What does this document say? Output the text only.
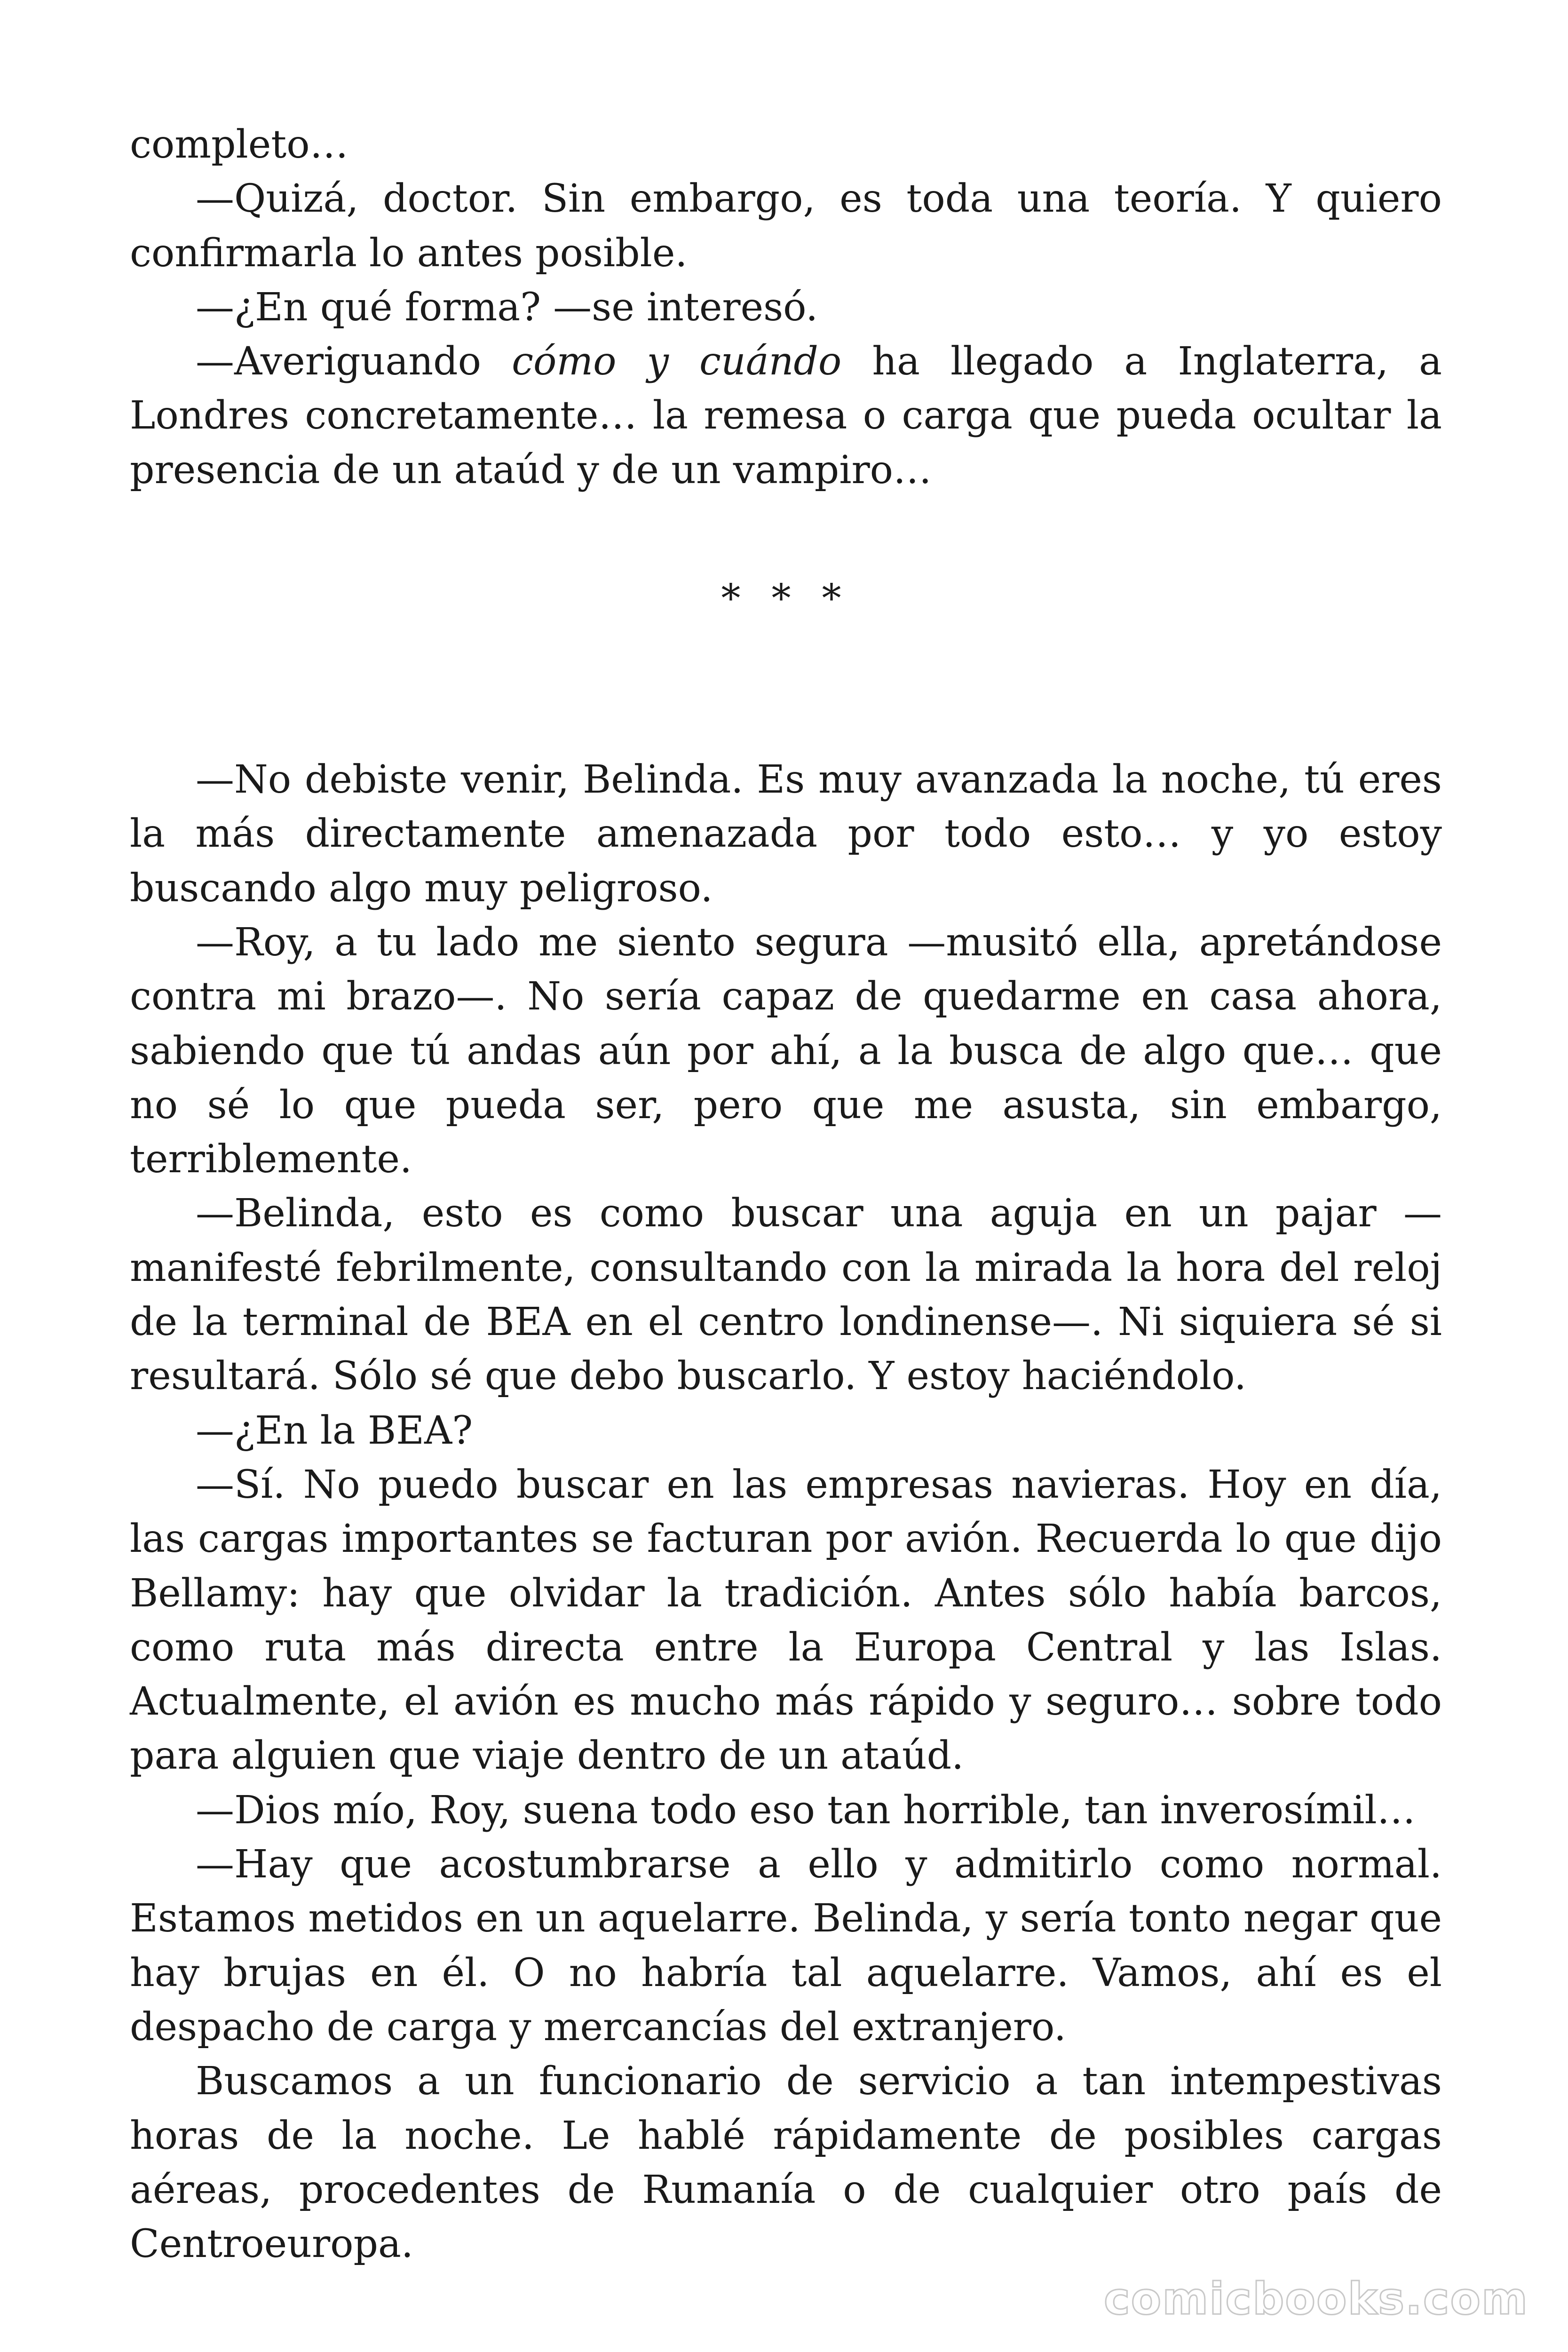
completo…

—Quizá, doctor. Sin embargo, es toda una teoría. Y quiero confirmarla lo antes posible.

—¿En qué forma? —se interesó.

—Averiguando cómo y cuándo ha llegado a Inglaterra, a Londres concretamente… la remesa o carga que pueda ocultar la presencia de un ataúd y de un vampiro…

* * *

—No debiste venir, Belinda. Es muy avanzada la noche, tú eres la más directamente amenazada por todo esto… y yo estoy buscando algo muy peligroso.

—Roy, a tu lado me siento segura —musitó ella, apretándose contra mi brazo—. No sería capaz de quedarme en casa ahora, sabiendo que tú andas aún por ahí, a la busca de algo que… que no sé lo que pueda ser, pero que me asusta, sin embargo, terriblemente.

—Belinda, esto es como buscar una aguja en un pajar —manifesté febrilmente, consultando con la mirada la hora del reloj de la terminal de BEA en el centro londinense—. Ni siquiera sé si resultará. Sólo sé que debo buscarlo. Y estoy haciéndolo.

—¿En la BEA?

—Sí. No puedo buscar en las empresas navieras. Hoy en día, las cargas importantes se facturan por avión. Recuerda lo que dijo Bellamy: hay que olvidar la tradición. Antes sólo había barcos, como ruta más directa entre la Europa Central y las Islas. Actualmente, el avión es mucho más rápido y seguro… sobre todo para alguien que viaje dentro de un ataúd.

—Dios mío, Roy, suena todo eso tan horrible, tan inverosímil…

—Hay que acostumbrarse a ello y admitirlo como normal. Estamos metidos en un aquelarre. Belinda, y sería tonto negar que hay brujas en él. O no habría tal aquelarre. Vamos, ahí es el despacho de carga y mercancías del extranjero.

Buscamos a un funcionario de servicio a tan intempestivas horas de la noche. Le hablé rápidamente de posibles cargas aéreas, procedentes de Rumanía o de cualquier otro país de Centroeuropa.

comicbooks.com
